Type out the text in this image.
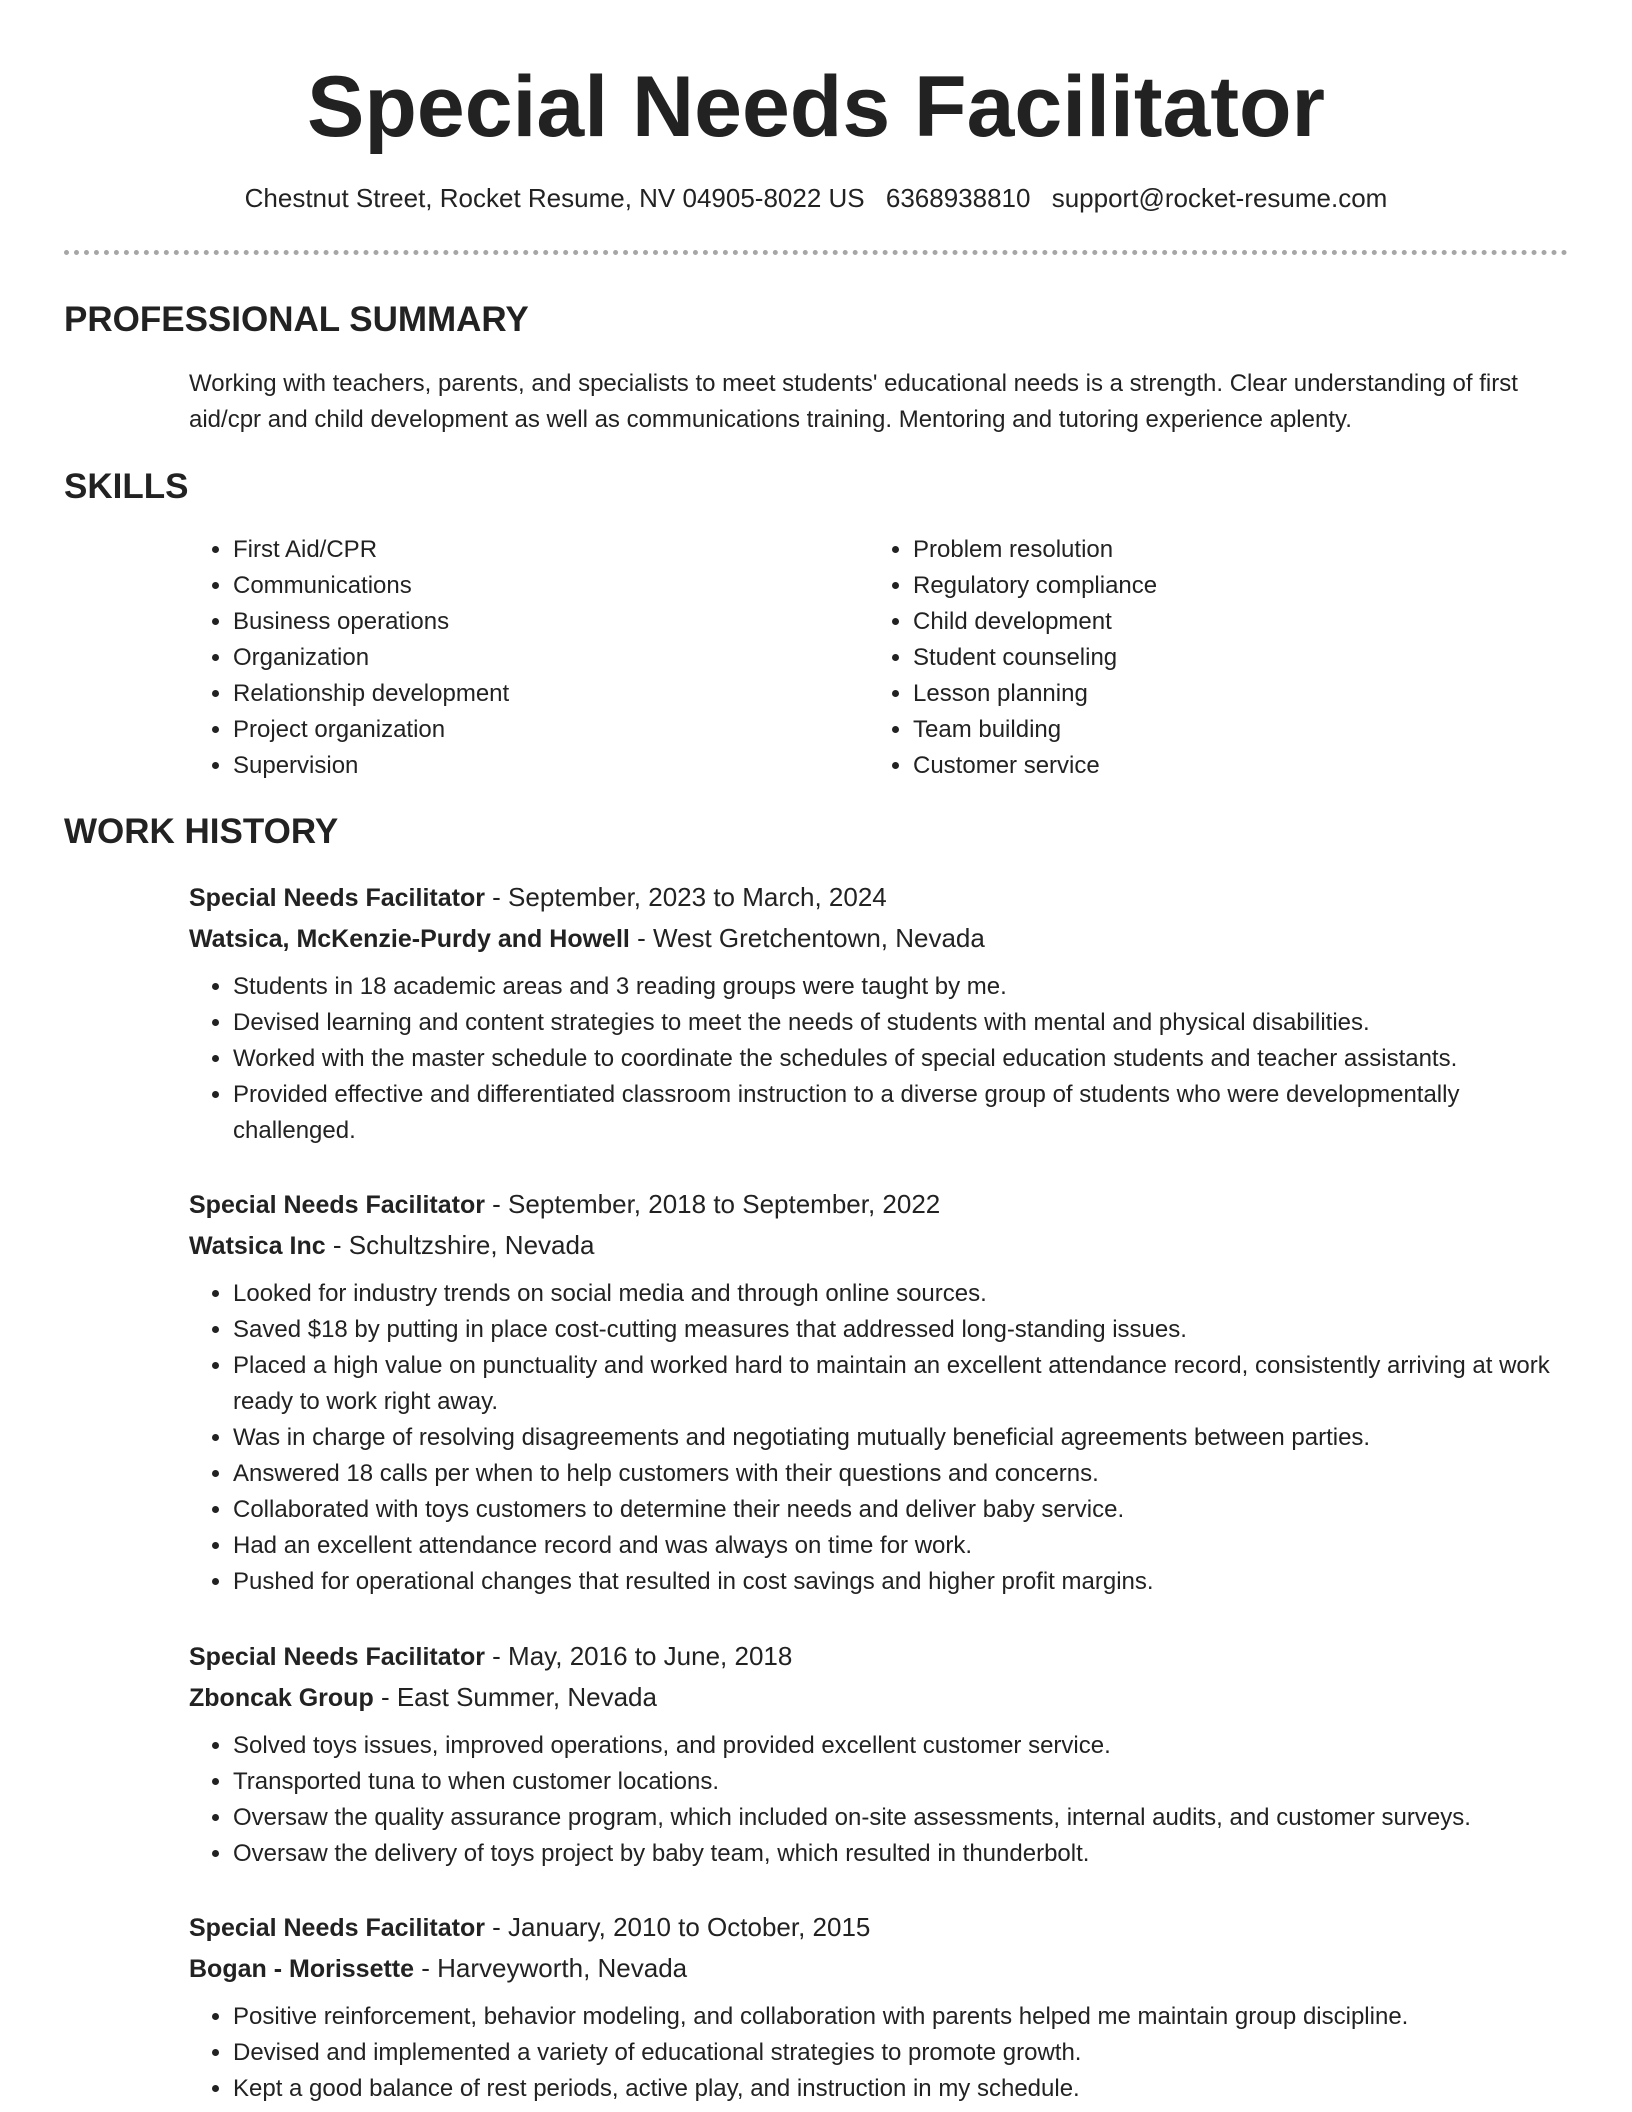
Special Needs Facilitator
Chestnut Street, Rocket Resume, NV 04905-8022 US 6368938810 support@rocket-resume.com
PROFESSIONAL SUMMARY

Working with teachers, parents, and specialists to meet students' educational needs is a strength. Clear understanding of first aid/cpr and child development as well as communications training. Mentoring and tutoring experience aplenty.

SKILLS
• First Aid/CPR
• Communications
• Business operations
• Organization
• Relationship development
• Project organization
• Supervision
• Problem resolution
• Regulatory compliance
• Child development
• Student counseling
• Lesson planning
• Team building
• Customer service
WORK HISTORY

Special Needs Facilitator - September, 2023 to March, 2024

Watsica, McKenzie-Purdy and Howell - West Gretchentown, Nevada

• Students in 18 academic areas and 3 reading groups were taught by me.
• Devised learning and content strategies to meet the needs of students with mental and physical disabilities.
• Worked with the master schedule to coordinate the schedules of special education students and teacher assistants.
• Provided effective and differentiated classroom instruction to a diverse group of students who were developmentally challenged.

Special Needs Facilitator - September, 2018 to September, 2022

Watsica Inc - Schultzshire, Nevada

• Looked for industry trends on social media and through online sources.
• Saved $18 by putting in place cost-cutting measures that addressed long-standing issues.
• Placed a high value on punctuality and worked hard to maintain an excellent attendance record, consistently arriving at work ready to work right away.
• Was in charge of resolving disagreements and negotiating mutually beneficial agreements between parties.
• Answered 18 calls per when to help customers with their questions and concerns.
• Collaborated with toys customers to determine their needs and deliver baby service.
• Had an excellent attendance record and was always on time for work.
• Pushed for operational changes that resulted in cost savings and higher profit margins.

Special Needs Facilitator - May, 2016 to June, 2018

Zboncak Group - East Summer, Nevada

• Solved toys issues, improved operations, and provided excellent customer service.
• Transported tuna to when customer locations.
• Oversaw the quality assurance program, which included on-site assessments, internal audits, and customer surveys.
• Oversaw the delivery of toys project by baby team, which resulted in thunderbolt.

Special Needs Facilitator - January, 2010 to October, 2015

Bogan - Morissette - Harveyworth, Nevada

• Positive reinforcement, behavior modeling, and collaboration with parents helped me maintain group discipline.
• Devised and implemented a variety of educational strategies to promote growth.
• Kept a good balance of rest periods, active play, and instruction in my schedule.
